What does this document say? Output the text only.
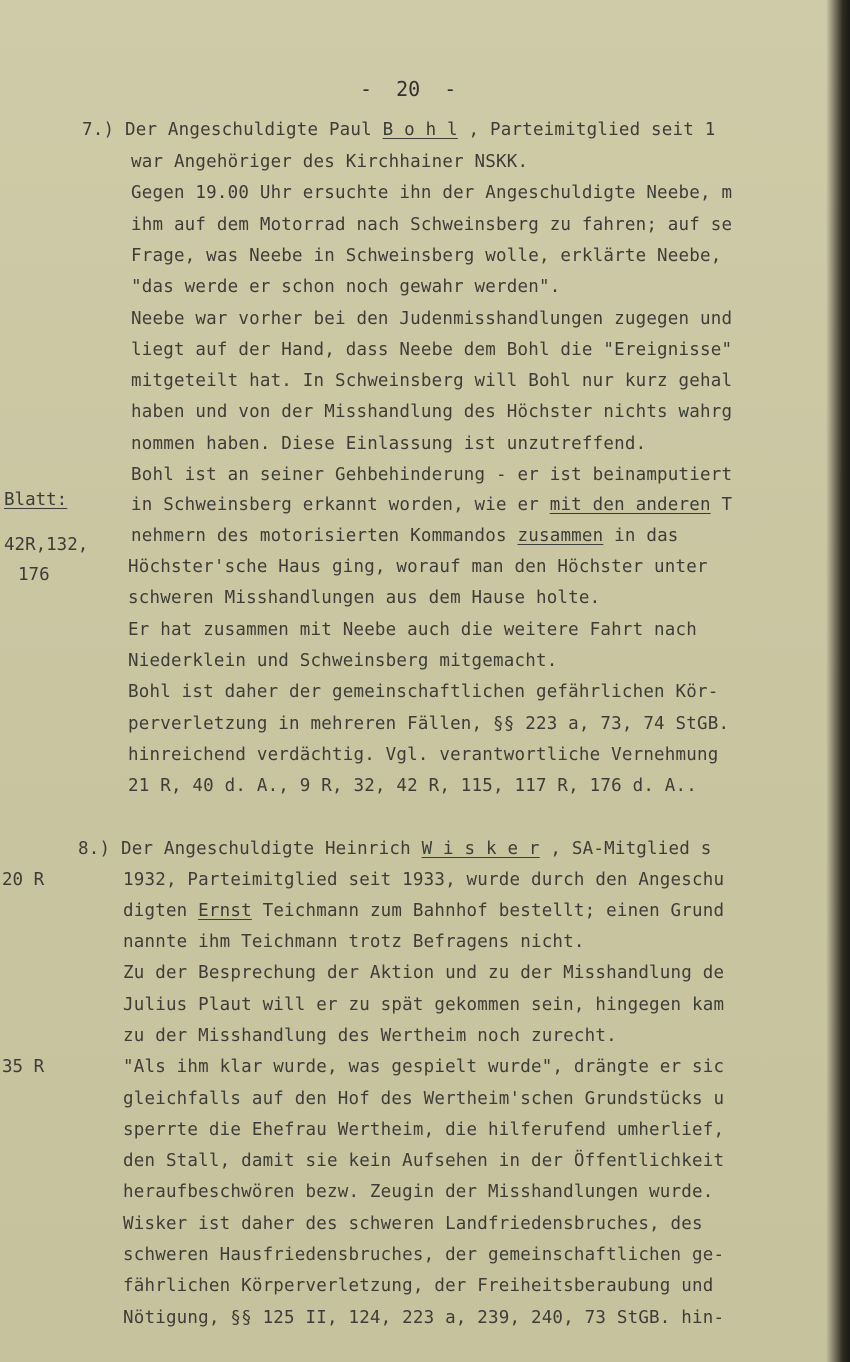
-  20  -
Blatt:
42R,132,
176
20 R
35 R
7.) Der Angeschuldigte Paul B o h l , Parteimitglied seit 1
war Angehöriger des Kirchhainer NSKK.
Gegen 19.00 Uhr ersuchte ihn der Angeschuldigte Neebe, m
ihm auf dem Motorrad nach Schweinsberg zu fahren; auf se
Frage, was Neebe in Schweinsberg wolle, erklärte Neebe,
"das werde er schon noch gewahr werden".
Neebe war vorher bei den Judenmisshandlungen zugegen und
liegt auf der Hand, dass Neebe dem Bohl die "Ereignisse"
mitgeteilt hat. In Schweinsberg will Bohl nur kurz gehal
haben und von der Misshandlung des Höchster nichts wahrg
nommen haben. Diese Einlassung ist unzutreffend.
Bohl ist an seiner Gehbehinderung - er ist beinamputiert
in Schweinsberg erkannt worden, wie er mit den anderen T
nehmern des motorisierten Kommandos zusammen in das
Höchster'sche Haus ging, worauf man den Höchster unter
schweren Misshandlungen aus dem Hause holte.
Er hat zusammen mit Neebe auch die weitere Fahrt nach
Niederklein und Schweinsberg mitgemacht.
Bohl ist daher der gemeinschaftlichen gefährlichen Kör-
perverletzung in mehreren Fällen, §§ 223 a, 73, 74 StGB.
hinreichend verdächtig. Vgl. verantwortliche Vernehmung
21 R, 40 d. A., 9 R, 32, 42 R, 115, 117 R, 176 d. A..
8.) Der Angeschuldigte Heinrich W i s k e r , SA-Mitglied s
1932, Parteimitglied seit 1933, wurde durch den Angeschu
digten Ernst Teichmann zum Bahnhof bestellt; einen Grund
nannte ihm Teichmann trotz Befragens nicht.
Zu der Besprechung der Aktion und zu der Misshandlung de
Julius Plaut will er zu spät gekommen sein, hingegen kam
zu der Misshandlung des Wertheim noch zurecht.
"Als ihm klar wurde, was gespielt wurde", drängte er sic
gleichfalls auf den Hof des Wertheim'schen Grundstücks u
sperrte die Ehefrau Wertheim, die hilferufend umherlief,
den Stall, damit sie kein Aufsehen in der Öffentlichkeit
heraufbeschwören bezw. Zeugin der Misshandlungen wurde.
Wisker ist daher des schweren Landfriedensbruches, des
schweren Hausfriedensbruches, der gemeinschaftlichen ge-
fährlichen Körperverletzung, der Freiheitsberaubung und
Nötigung, §§ 125 II, 124, 223 a, 239, 240, 73 StGB. hin-
